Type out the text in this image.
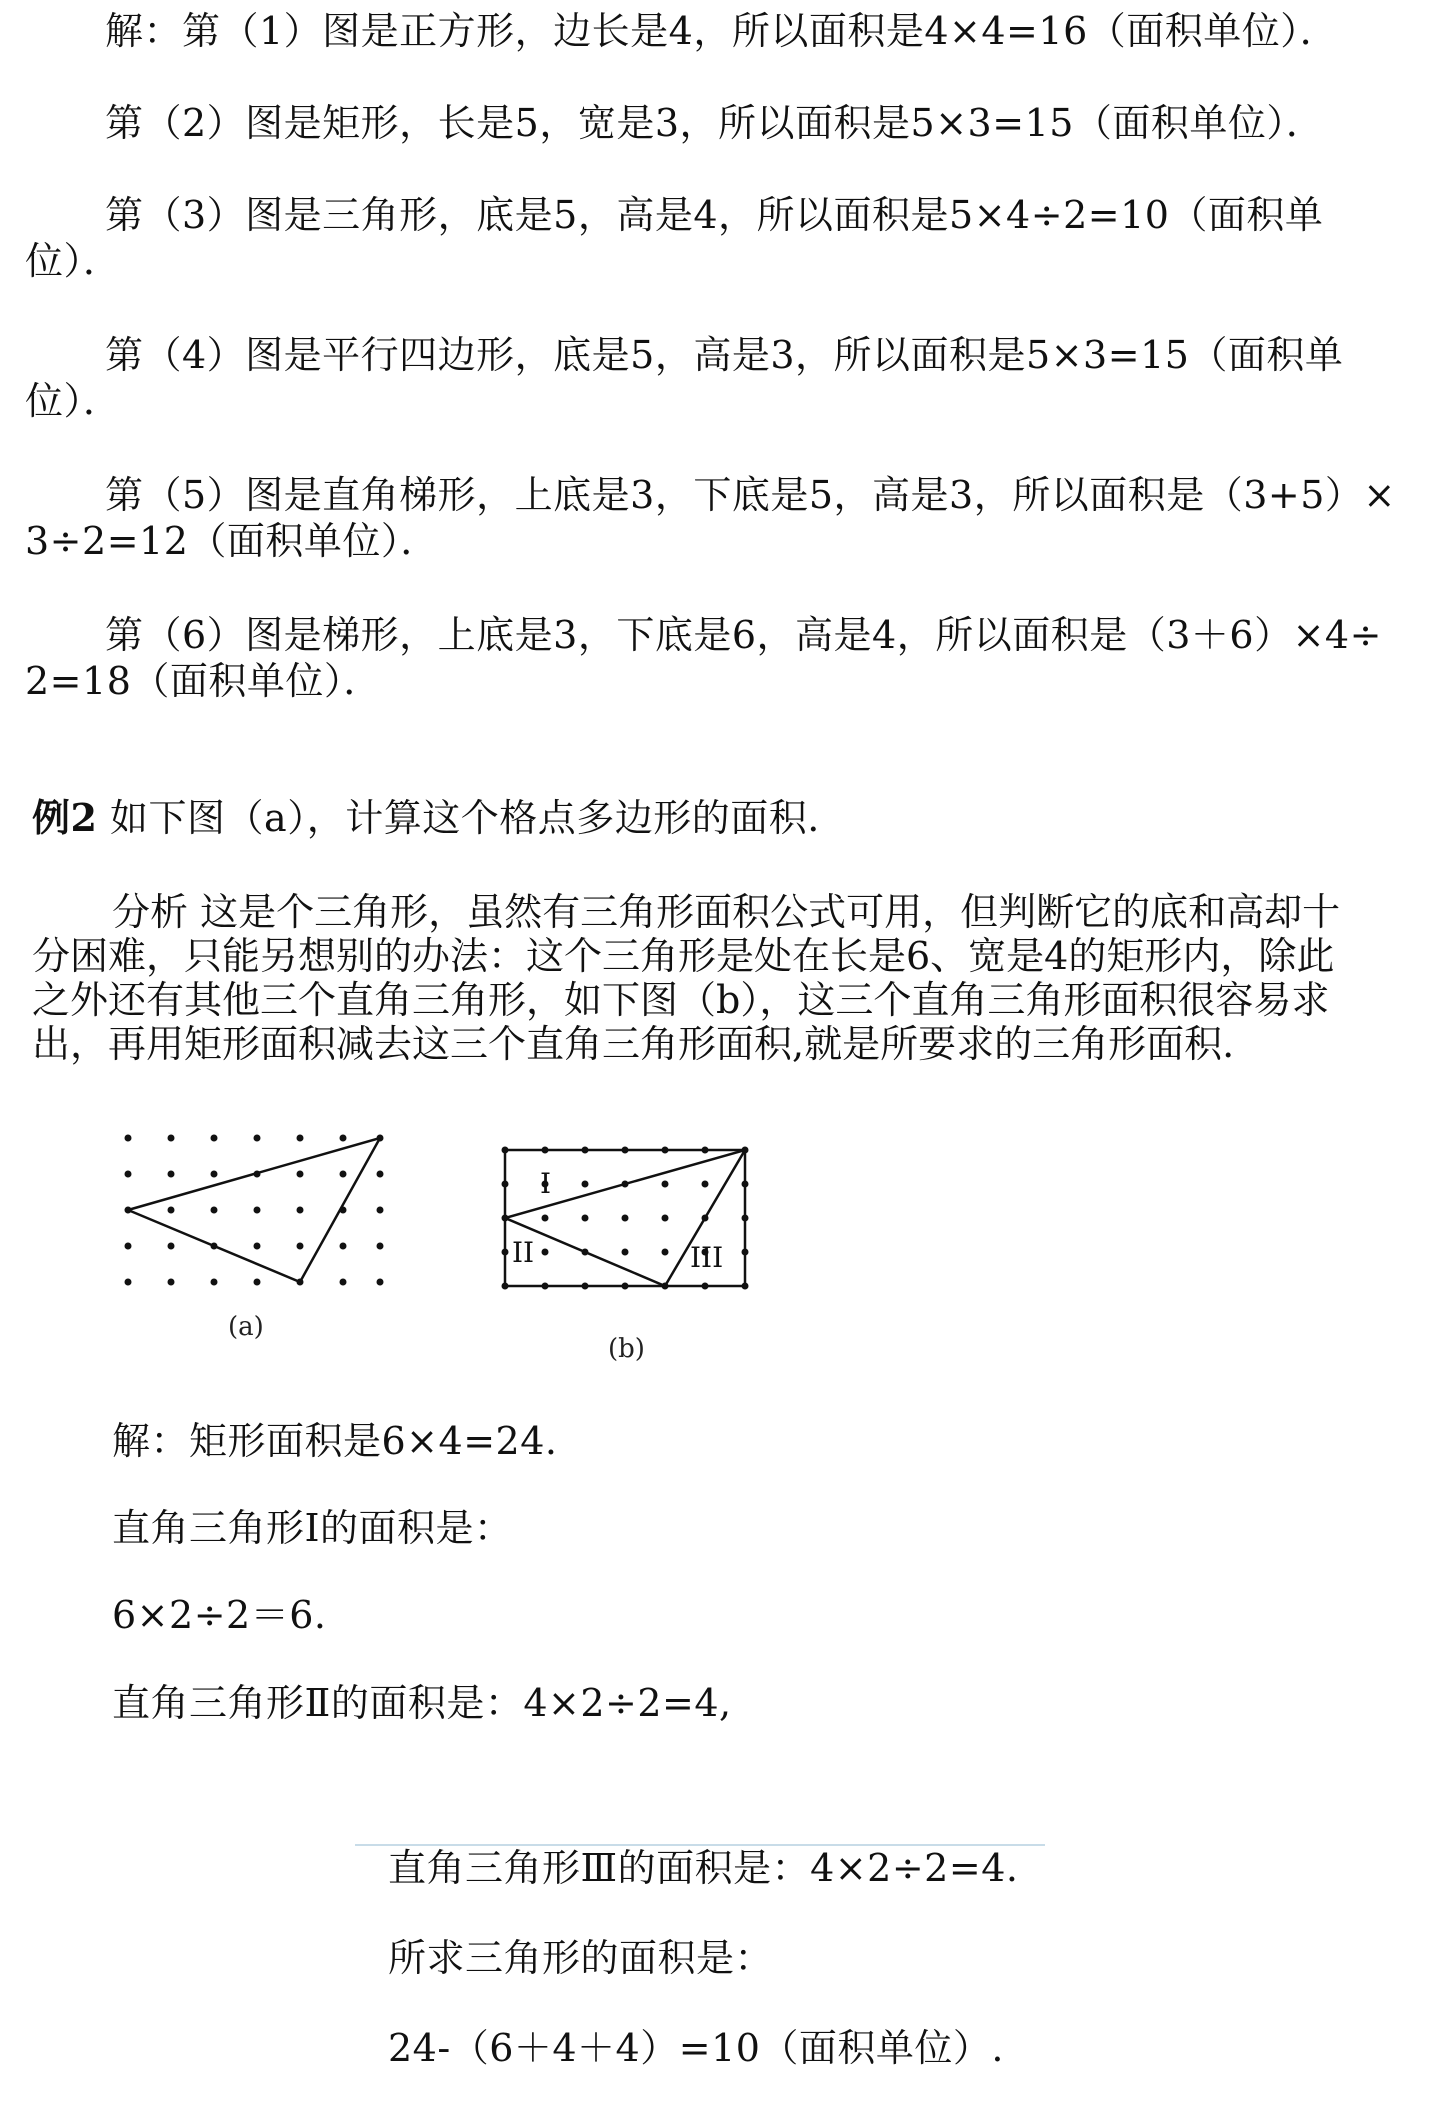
解：第（1）图是正方形，边长是4，所以面积是4×4=16（面积单位）．

第（2）图是矩形，长是5，宽是3，所以面积是5×3=15（面积单位）．

第（3）图是三角形，底是5，高是4，所以面积是5×4÷2=10（面积单

位）．

第（4）图是平行四边形，底是5，高是3，所以面积是5×3=15（面积单

位）．

第（5）图是直角梯形，上底是3，下底是5，高是3，所以面积是（3+5）×

3÷2=12（面积单位）．

第（6）图是梯形，上底是3，下底是6，高是4，所以面积是（3＋6）×4÷

2=18（面积单位）．

例2 如下图（a），计算这个格点多边形的面积.

分析 这是个三角形，虽然有三角形面积公式可用，但判断它的底和高却十

分困难，只能另想别的办法：这个三角形是处在长是6、宽是4的矩形内，除此

之外还有其他三个直角三角形，如下图（b），这三个直角三角形面积很容易求

出，再用矩形面积减去这三个直角三角形面积,就是所要求的三角形面积.

(a)
I
II	III
(b)

解：矩形面积是6×4=24.

直角三角形Ⅰ的面积是：

6×2÷2＝6.

直角三角形Ⅱ的面积是：4×2÷2=4,

直角三角形Ⅲ的面积是：4×2÷2=4.

所求三角形的面积是：

24-（6＋4＋4）=10（面积单位）.
